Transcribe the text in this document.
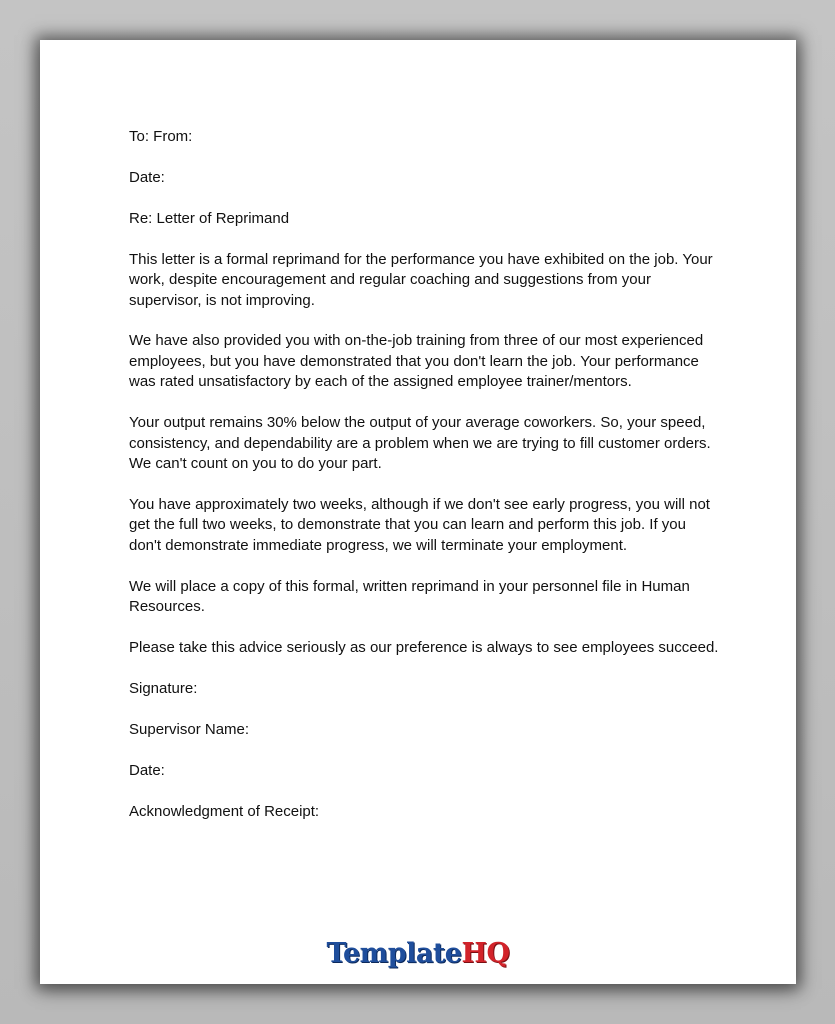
To: From:
Date:
Re: Letter of Reprimand
This letter is a formal reprimand for the performance you have exhibited on the job. Your work, despite encouragement and regular coaching and suggestions from your supervisor, is not improving.
We have also provided you with on-the-job training from three of our most experienced employees, but you have demonstrated that you don't learn the job. Your performance was rated unsatisfactory by each of the assigned employee trainer/mentors.
Your output remains 30% below the output of your average coworkers. So, your speed, consistency, and dependability are a problem when we are trying to fill customer orders. We can't count on you to do your part.
You have approximately two weeks, although if we don't see early progress, you will not get the full two weeks, to demonstrate that you can learn and perform this job. If you don't demonstrate immediate progress, we will terminate your employment.
We will place a copy of this formal, written reprimand in your personnel file in Human Resources.
Please take this advice seriously as our preference is always to see employees succeed.
Signature:
Supervisor Name:
Date:
Acknowledgment of Receipt:
TemplateHQ
